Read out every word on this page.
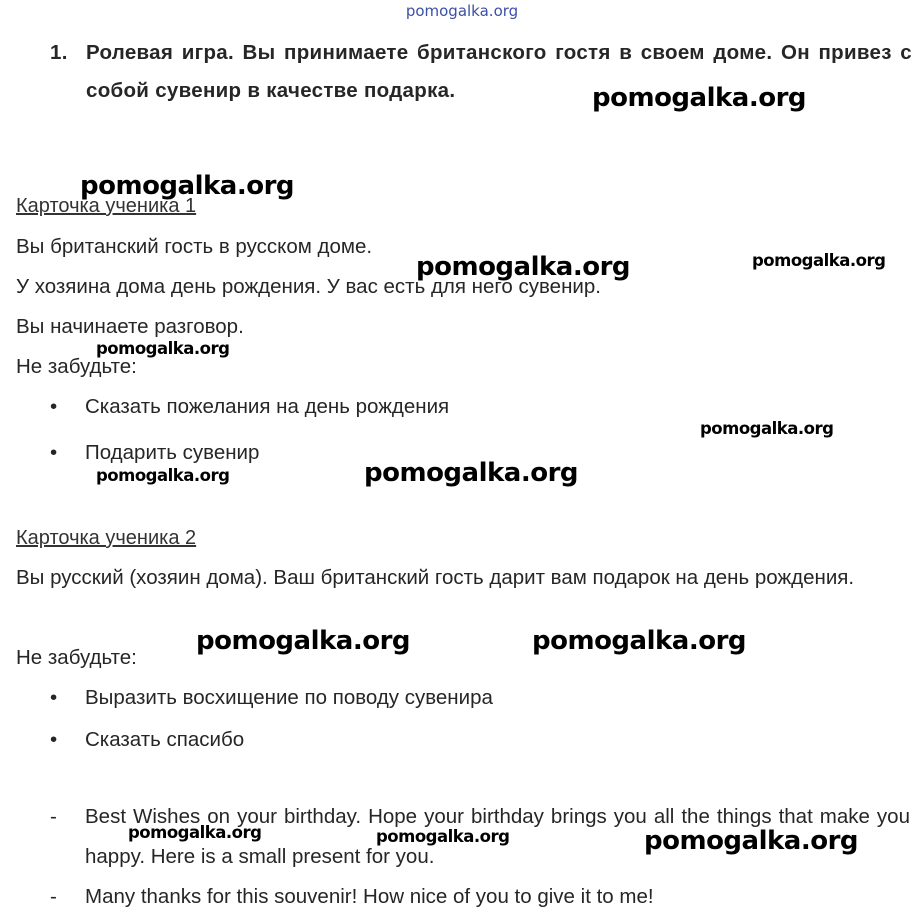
pomogalka.org
1. Ролевая игра. Вы принимаете британского гостя в своем доме. Он привез с собой сувенир в качестве подарка.
Карточка ученика 1
Вы британский гость в русском доме.
У хозяина дома день рождения. У вас есть для него сувенир.
Вы начинаете разговор.
Не забудьте:
• Сказать пожелания на день рождения
• Подарить сувенир
Карточка ученика 2
Вы русский (хозяин дома). Ваш британский гость дарит вам подарок на день рождения.
Не забудьте:
• Выразить восхищение по поводу сувенира
• Сказать спасибо
- Best Wishes on your birthday. Hope your birthday brings you all the things that make you happy. Here is a small present for you.
- Many thanks for this souvenir! How nice of you to give it to me!
pomogalka.org
pomogalka.org
pomogalka.org	pomogalka.org
pomogalka.org
pomogalka.org
pomogalka.org
pomogalka.org
pomogalka.org	pomogalka.org
pomogalka.org	pomogalka.org	pomogalka.org
